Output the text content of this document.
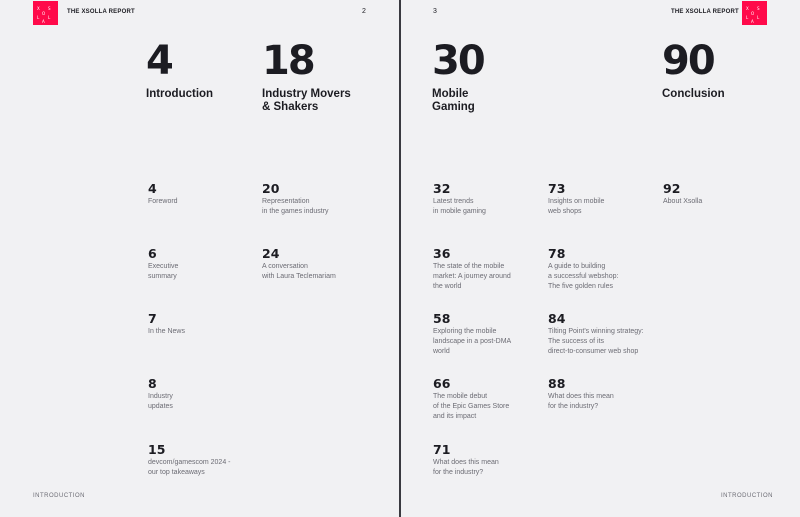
X S
O
L L
A
THE XSOLLA REPORT	2
INTRODUCTION
3	THE XSOLLA REPORT
X S
O
L L
A
INTRODUCTION
4
Introduction
18
Industry Movers
& Shakers
30
Mobile
Gaming
90
Conclusion
4
Foreword
6
Executive
summary
7
In the News
8
Industry
updates
15
devcom/gamescom 2024 -
our top takeaways
20
Representation
in the games industry
24
A conversation
with Laura Teclemariam
32
Latest trends
in mobile gaming
36
The state of the mobile
market: A journey around
the world
58
Exploring the mobile
landscape in a post-DMA
world
66
The mobile debut
of the Epic Games Store
and its impact
71
What does this mean
for the industry?
73
Insights on mobile
web shops
78
A guide to building
a successful webshop:
The five golden rules
84
Tilting Point's winning strategy:
The success of its
direct-to-consumer web shop
88
What does this mean
for the industry?
92
About Xsolla
